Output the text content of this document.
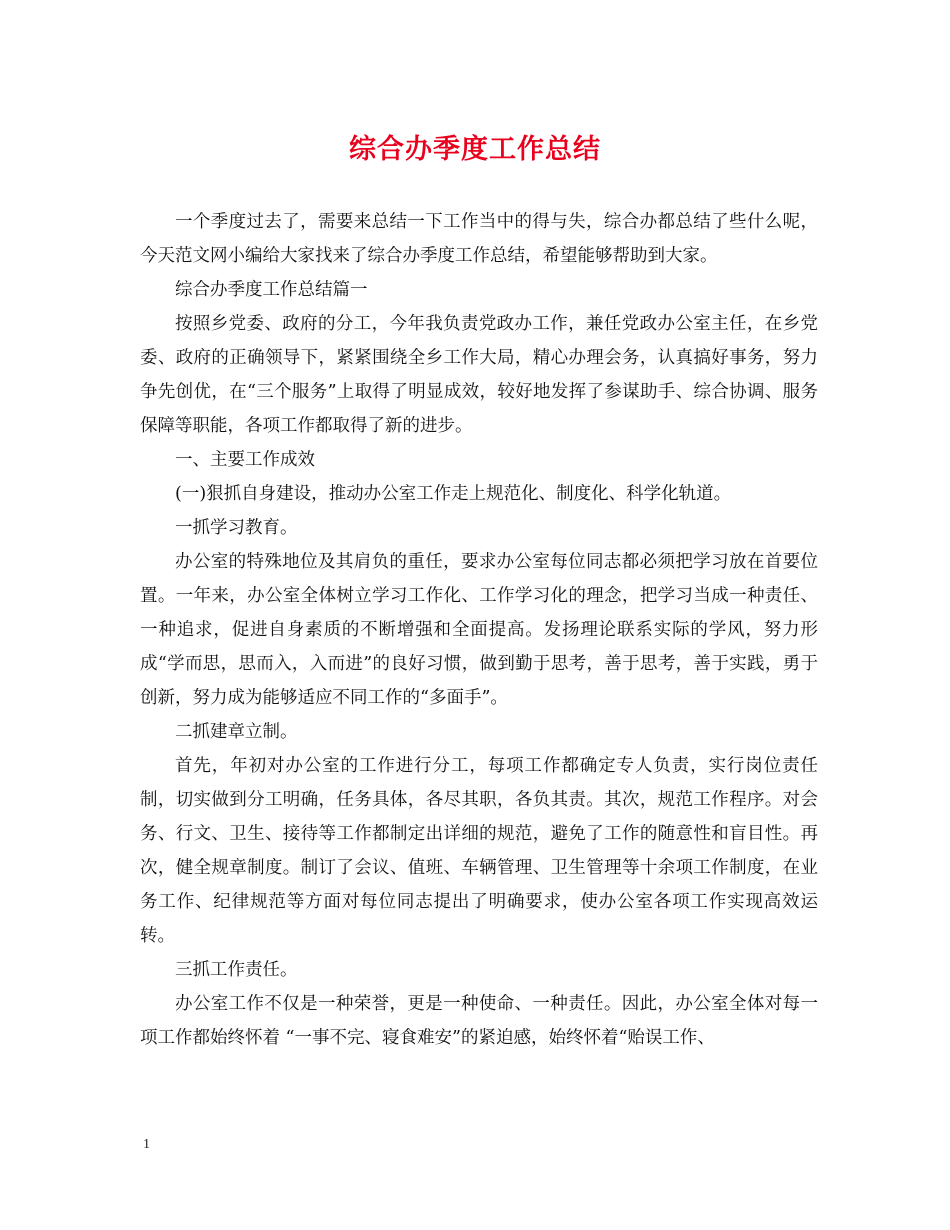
综合办季度工作总结

一个季度过去了，需要来总结一下工作当中的得与失，综合办都总结了些什么呢，今天范文网小编给大家找来了综合办季度工作总结，希望能够帮助到大家。

综合办季度工作总结篇一

按照乡党委、政府的分工，今年我负责党政办工作，兼任党政办公室主任，在乡党委、政府的正确领导下，紧紧围绕全乡工作大局，精心办理会务，认真搞好事务，努力争先创优，在“三个服务”上取得了明显成效，较好地发挥了参谋助手、综合协调、服务保障等职能，各项工作都取得了新的进步。

一、主要工作成效

(一)狠抓自身建设，推动办公室工作走上规范化、制度化、科学化轨道。

一抓学习教育。

办公室的特殊地位及其肩负的重任，要求办公室每位同志都必须把学习放在首要位置。一年来，办公室全体树立学习工作化、工作学习化的理念，把学习当成一种责任、一种追求，促进自身素质的不断增强和全面提高。发扬理论联系实际的学风，努力形成“学而思，思而入，入而进”的良好习惯，做到勤于思考，善于思考，善于实践，勇于创新，努力成为能够适应不同工作的“多面手”。

二抓建章立制。

首先，年初对办公室的工作进行分工，每项工作都确定专人负责，实行岗位责任制，切实做到分工明确，任务具体，各尽其职，各负其责。其次，规范工作程序。对会务、行文、卫生、接待等工作都制定出详细的规范，避免了工作的随意性和盲目性。再次，健全规章制度。制订了会议、值班、车辆管理、卫生管理等十余项工作制度，在业务工作、纪律规范等方面对每位同志提出了明确要求，使办公室各项工作实现高效运转。

三抓工作责任。

办公室工作不仅是一种荣誉，更是一种使命、一种责任。因此，办公室全体对每一项工作都始终怀着 “一事不完、寝食难安”的紧迫感，始终怀着“贻误工作、

1
